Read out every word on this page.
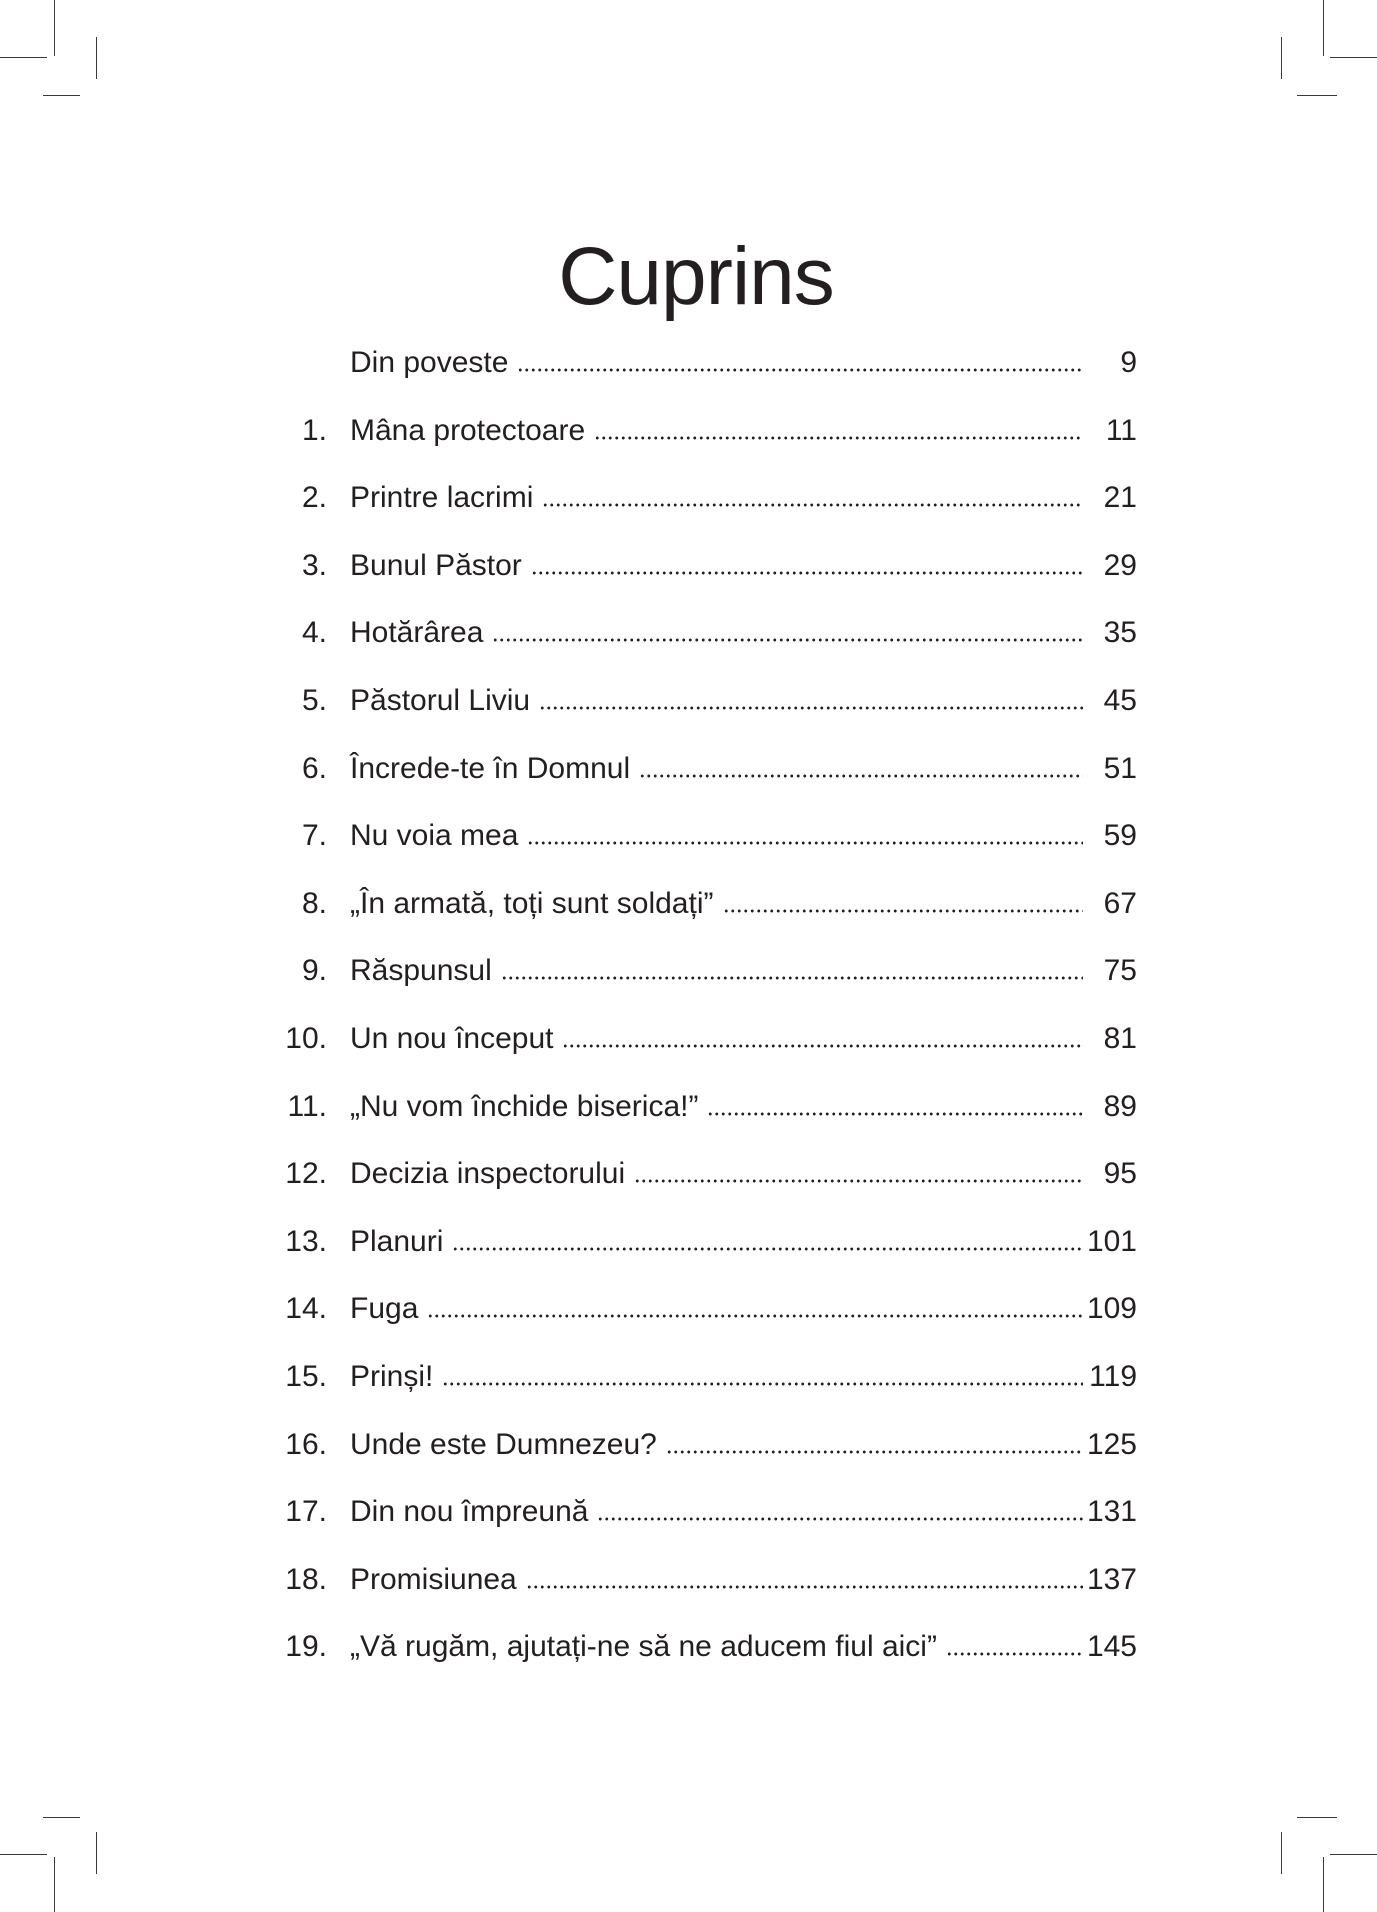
Cuprins
Din poveste	9
1. Mâna protectoare	11
2. Printre lacrimi	21
3. Bunul Păstor	29
4. Hotărârea	35
5. Păstorul Liviu	45
6. Încrede-te în Domnul	51
7. Nu voia mea	59
8. „În armată, toți sunt soldați”	67
9. Răspunsul	75
10. Un nou început	81
11. „Nu vom închide biserica!”	89
12. Decizia inspectorului	95
13. Planuri	101
14. Fuga	109
15. Prinși!	119
16. Unde este Dumnezeu?	125
17. Din nou împreună	131
18. Promisiunea	137
19. „Vă rugăm, ajutați-ne să ne aducem fiul aici”	145
